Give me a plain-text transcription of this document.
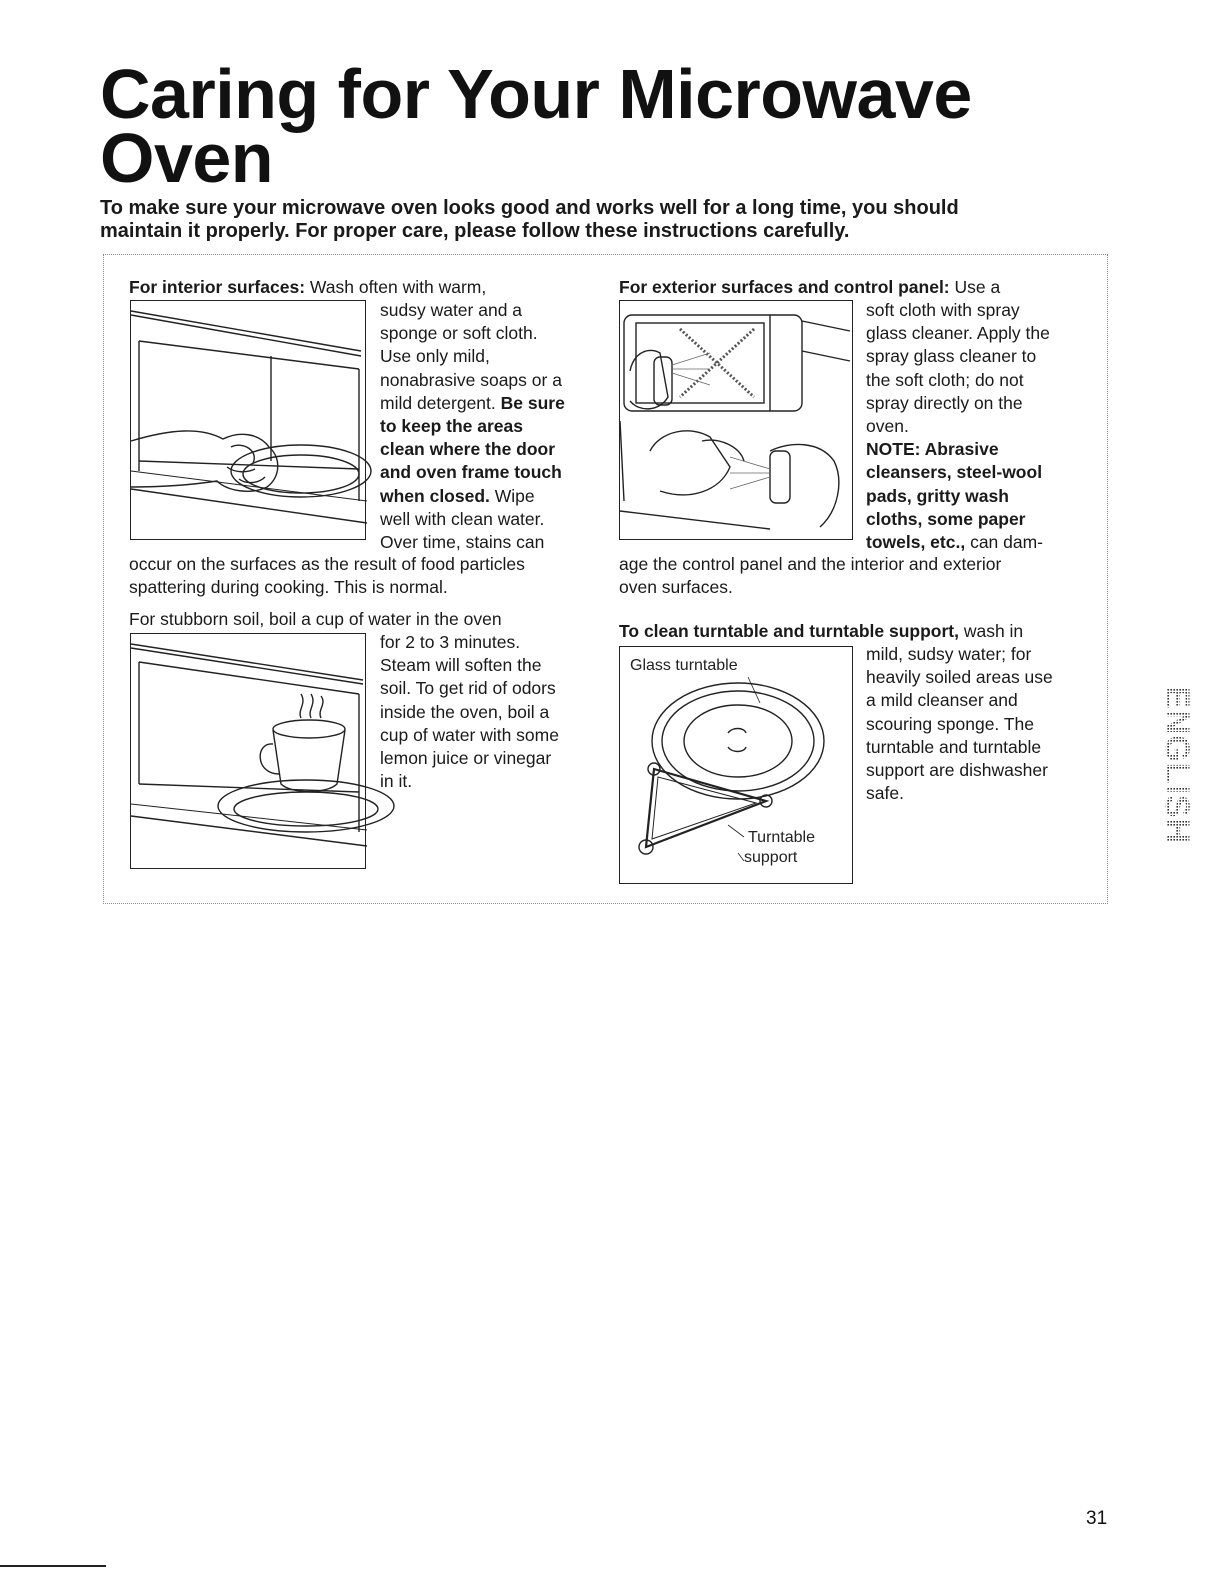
Caring for Your Microwave
Oven

To make sure your microwave oven looks good and works well for a long time, you should
maintain it properly. For proper care, please follow these instructions carefully.

For interior surfaces: Wash often with warm,

sudsy water and a
sponge or soft cloth.
Use only mild,
nonabrasive soaps or a
mild detergent. Be sure
to keep the areas
clean where the door
and oven frame touch
when closed. Wipe
well with clean water.
Over time, stains can

occur on the surfaces as the result of food particles
spattering during cooking. This is normal.

For stubborn soil, boil a cup of water in the oven

for 2 to 3 minutes.
Steam will soften the
soil. To get rid of odors
inside the oven, boil a
cup of water with some
lemon juice or vinegar
in it.

For exterior surfaces and control panel: Use a

soft cloth with spray
glass cleaner. Apply the
spray glass cleaner to
the soft cloth; do not
spray directly on the
oven.
NOTE: Abrasive
cleansers, steel-wool
pads, gritty wash
cloths, some paper
towels, etc., can dam-

age the control panel and the interior and exterior
oven surfaces.

To clean turntable and turntable support, wash in

mild, sudsy water; for
heavily soiled areas use
a mild cleanser and
scouring sponge. The
turntable and turntable
support are dishwasher
safe.

Glass turntable
Turntable
support
ENGLISH
31
